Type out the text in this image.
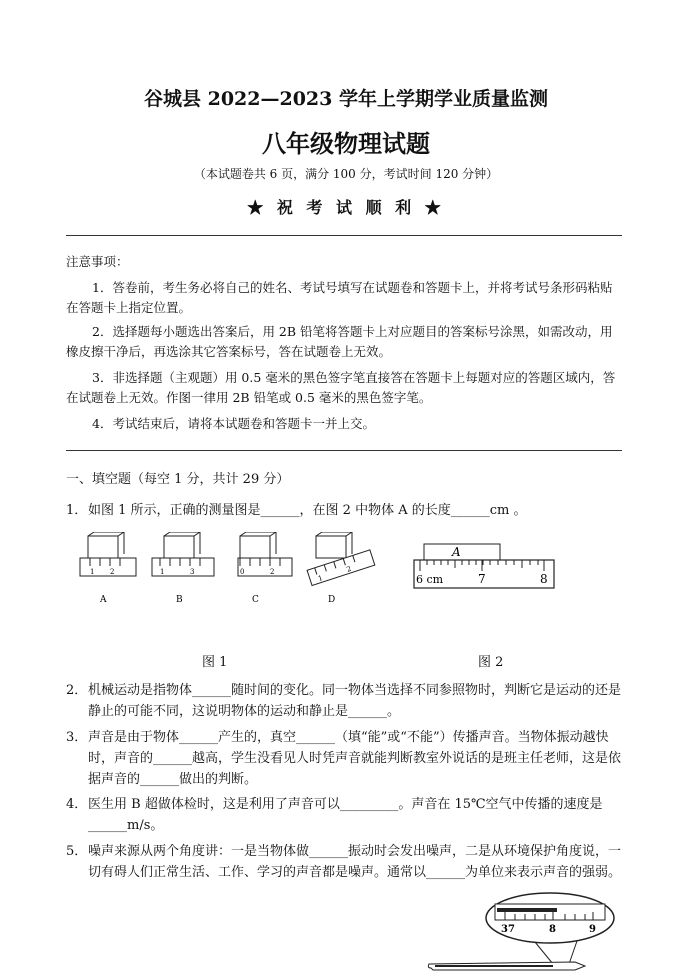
谷城县 2022—2023 学年上学期学业质量监测
八年级物理试题
（本试题卷共 6 页，满分 100 分，考试时间 120 分钟）
★ 祝 考 试 顺 利 ★
注意事项：
1．答卷前，考生务必将自己的姓名、考试号填写在试题卷和答题卡上，并将考试号条形码粘贴在答题卡上指定位置。
2．选择题每小题选出答案后，用 2B 铅笔将答题卡上对应题目的答案标号涂黑，如需改动，用橡皮擦干净后，再选涂其它答案标号，答在试题卷上无效。
3．非选择题（主观题）用 0.5 毫米的黑色签字笔直接答在答题卡上每题对应的答题区域内，答在试题卷上无效。作图一律用 2B 铅笔或 0.5 毫米的黑色签字笔。
4．考试结束后，请将本试题卷和答题卡一并上交。
一、填空题（每空 1 分，共计 29 分）
1． 如图 1 所示，正确的测量图是______，在图 2 中物体 A 的长度______cm 。
1 2
A
1	3
B
0	2
C
1
2
D
A
6 cm	7	8
图 1	图 2
2． 机械运动是指物体______随时间的变化。同一物体当选择不同参照物时，判断它是运动的还是静止的可能不同，这说明物体的运动和静止是______。
3． 声音是由于物体______产生的，真空______（填“能”或“不能”）传播声音。当物体振动越快时，声音的______越高，学生没看见人时凭声音就能判断教室外说话的是班主任老师，这是依据声音的______做出的判断。
4． 医生用 B 超做体检时，这是利用了声音可以_________。声音在 15℃空气中传播的速度是______m/s。
5． 噪声来源从两个角度讲：一是当物体做______振动时会发出噪声，二是从环境保护角度说，一切有碍人们正常生活、工作、学习的声音都是噪声。通常以______为单位来表示声音的强弱。
37	8	9
